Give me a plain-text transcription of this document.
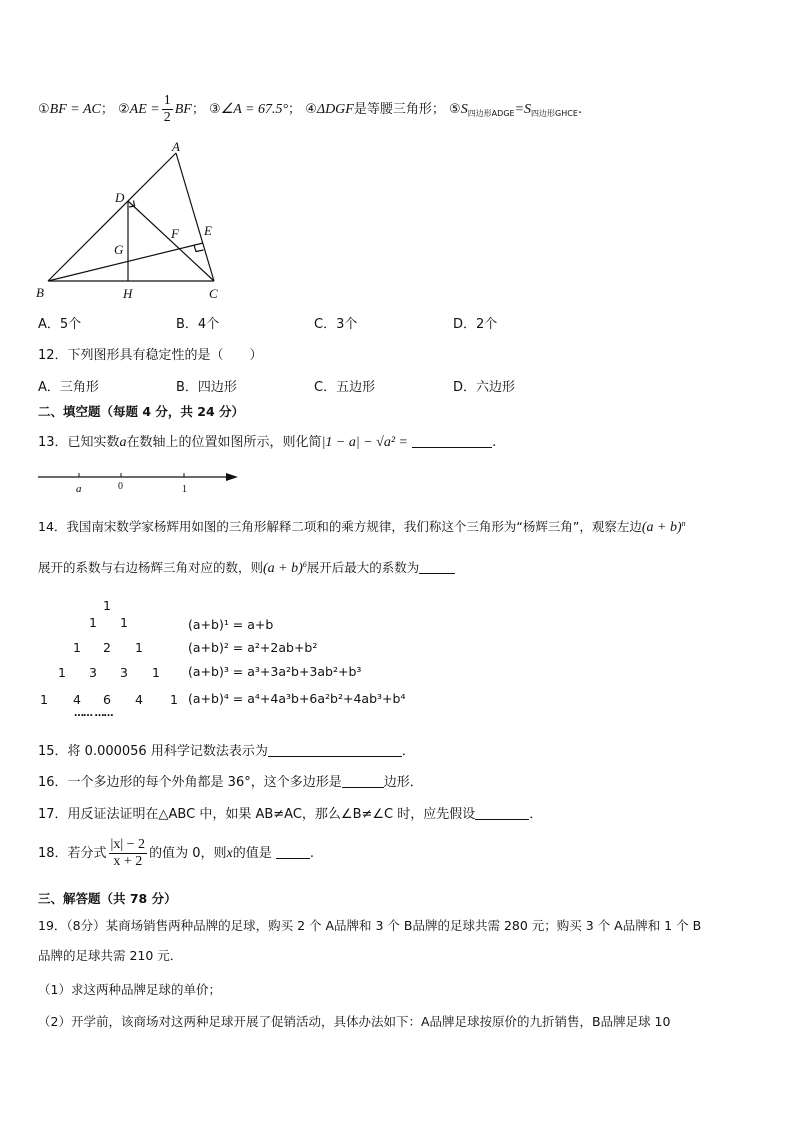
①BF = AC； ②AE = $\frac{1}{2}$ BF； ③∠A = 67.5°； ④ΔDGF是等腰三角形； $⑤S_{四边形ADGE}=S_{四边形GHCE}$.
A
D
E
F
G
B	H	C
A．5个	B．4个	C．3个	D．2个
12．下列图形具有稳定性的是（　　）
A．三角形	B．四边形	C．五边形	D．六边形
二、填空题（每题 4 分，共 24 分）
13．已知实数a在数轴上的位置如图所示，则化简|1 − a| − √a² =	.
a	0	1
14．我国南宋数学家杨辉用如图的三角形解释二项和的乘方规律，我们称这个三角形为“杨辉三角”，观察左边$(a + b)^n$
展开的系数与右边杨辉三角对应的数，则$(a + b)^6$展开后最大的系数为
1
1 1
1 2 1
1 3 3 1
1 4 6 4 1
…… ……
(a+b)¹ = a+b
(a+b)² = a²+2ab+b²
(a+b)³ = a³+3a²b+3ab²+b³
(a+b)⁴ = a⁴+4a³b+6a²b²+4ab³+b⁴
15．将 0.000056 用科学记数法表示为	．
16．一个多边形的每个外角都是 36°，这个多边形是	边形．
17．用反证法证明在△ABC 中，如果 AB≠AC，那么∠B≠∠C 时，应先假设	．
18．若分式 $\frac{|x| - 2}{x + 2}$ 的值为 0，则x的值是	.
三、解答题（共 78 分）
19．（8分）某商场销售两种品牌的足球，购买 2 个 A品牌和 3 个 B品牌的足球共需 280 元；购买 3 个 A品牌和 1 个 B
品牌的足球共需 210 元．
（1）求这两种品牌足球的单价；
（2）开学前，该商场对这两种足球开展了促销活动，具体办法如下：A品牌足球按原价的九折销售，B品牌足球 10
